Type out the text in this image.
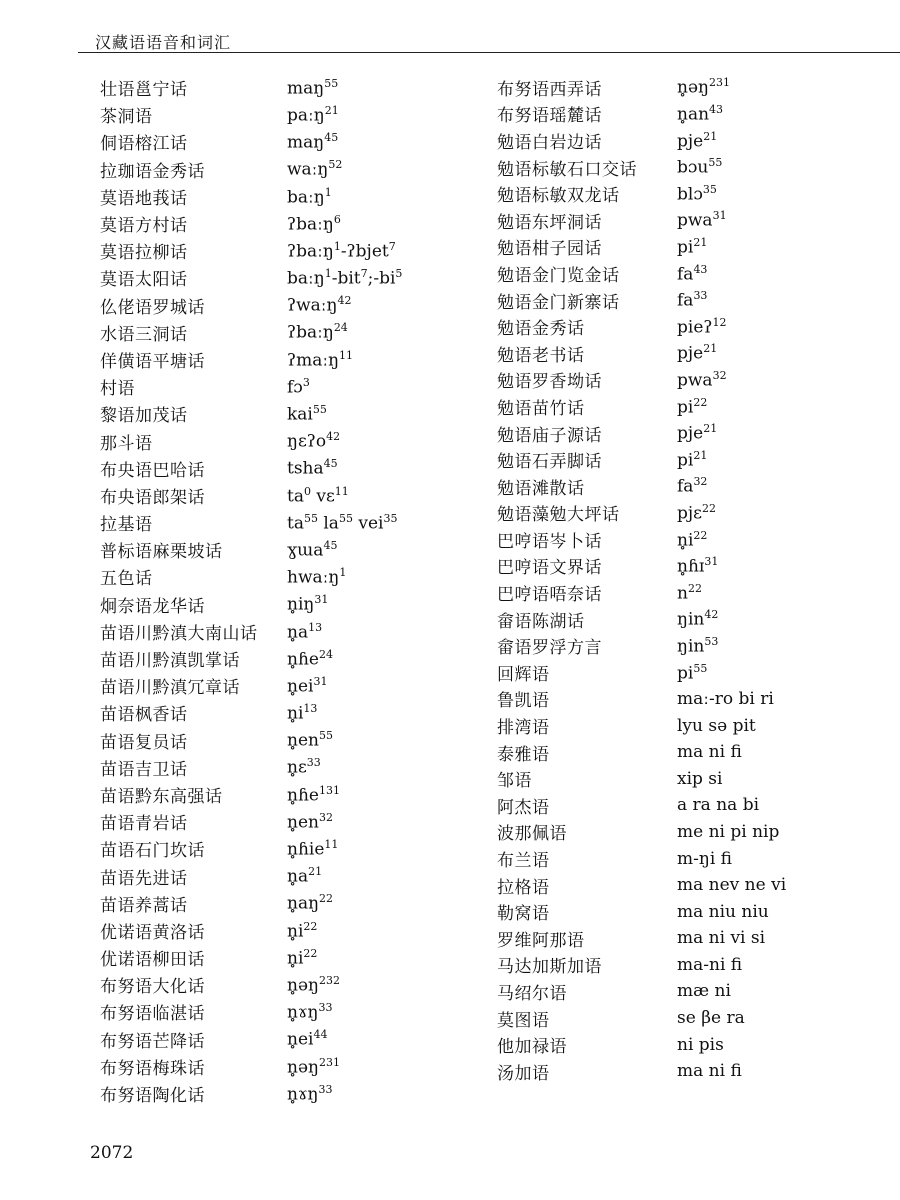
汉藏语语音和词汇
壮语邕宁话	maŋ$^{55}$
茶洞语	paːŋ$^{21}$
侗语榕江话	maŋ$^{45}$
拉珈语金秀话	waːŋ$^{52}$
莫语地莪话	baːŋ$^1$
莫语方村话	ʔbaːŋ$^6$
莫语拉柳话	ʔbaːŋ$^1$-ʔbjet$^7$
莫语太阳话	$baːŋ^1-bit^7;-bi^5$
仫佬语罗城话	ʔwaːŋ$^{42}$
水语三洞话	ʔbaːŋ$^{24}$
佯僙语平塘话	ʔmaːŋ$^{11}$
村语	fɔ$^3$
黎语加茂话	kai$^{55}$
那斗语	ŋɛʔo$^{42}$
布央语巴哈话	tsha$^{45}$
布央语郎架话	$ta^0$ vɛ$^{11}$
拉基语	$ta^{55}$ $la^{55}$ vei$^{35}$
普标语麻栗坡话	ɣɯa$^{45}$
五色话	hwaːŋ$^1$
炯奈语龙华话	$n̥iŋ^{31}$
苗语川黔滇大南山话	$n̥a^{13}$
苗语川黔滇凯掌话	n̥ɦe$^{24}$
苗语川黔滇冗章话	$n̥ei^{31}$
苗语枫香话	$n̥i^{13}$
苗语复员话	$n̥en^{55}$
苗语吉卫话	n̥ɛ$^{33}$
苗语黔东高强话	n̥ɦe$^{131}$
苗语青岩话	$n̥en^{32}$
苗语石门坎话	n̥ɦie$^{11}$
苗语先进话	$n̥a^{21}$
苗语养蒿话	$n̥aŋ^{22}$
优诺语黄洛话	$n̥i^{22}$
优诺语柳田话	$n̥i^{22}$
布努语大化话	n̥əŋ$^{232}$
布努语临湛话	n̥ɤŋ$^{33}$
布努语芒降话	$n̥ei^{44}$
布努语梅珠话	n̥əŋ$^{231}$
布努语陶化话	n̥ɤŋ$^{33}$
布努语西弄话	n̥əŋ$^{231}$
布努语瑶麓话	$n̥an^{43}$
勉语白岩边话	pje$^{21}$
勉语标敏石口交话	bɔu$^{55}$
勉语标敏双龙话	blɔ$^{35}$
勉语东坪洞话	pwa$^{31}$
勉语柑子园话	$pi^{21}$
勉语金门览金话	$fa^{43}$
勉语金门新寨话	$fa^{33}$
勉语金秀话	pieʔ$^{12}$
勉语老书话	pje$^{21}$
勉语罗香坳话	pwa$^{32}$
勉语苗竹话	$pi^{22}$
勉语庙子源话	pje$^{21}$
勉语石弄脚话	$pi^{21}$
勉语滩散话	$fa^{32}$
勉语藻勉大坪话	pjɛ$^{22}$
巴哼语岑卜话	$n̥i^{22}$
巴哼语文界话	n̥ɦɪ$^{31}$
巴哼语唔奈话	$n^{22}$
畲语陈湖话	ŋin$^{42}$
畲语罗浮方言	ŋin$^{53}$
回辉语	$pi^{55}$
鲁凯语	maː-ro bi ri
排湾语	lyu sə pit
泰雅语	ma ni fi
邹语	xip si
阿杰语	a ra na bi
波那佩语	me ni pi nip
布兰语	m-ŋi fi
拉格语	ma nev ne vi
勒窝语	ma niu niu
罗维阿那语	ma ni vi si
马达加斯加语	ma-ni fi
马绍尔语	mæ ni
莫图语	se βe ra
他加禄语	ni pis
汤加语	ma ni fi
2072
